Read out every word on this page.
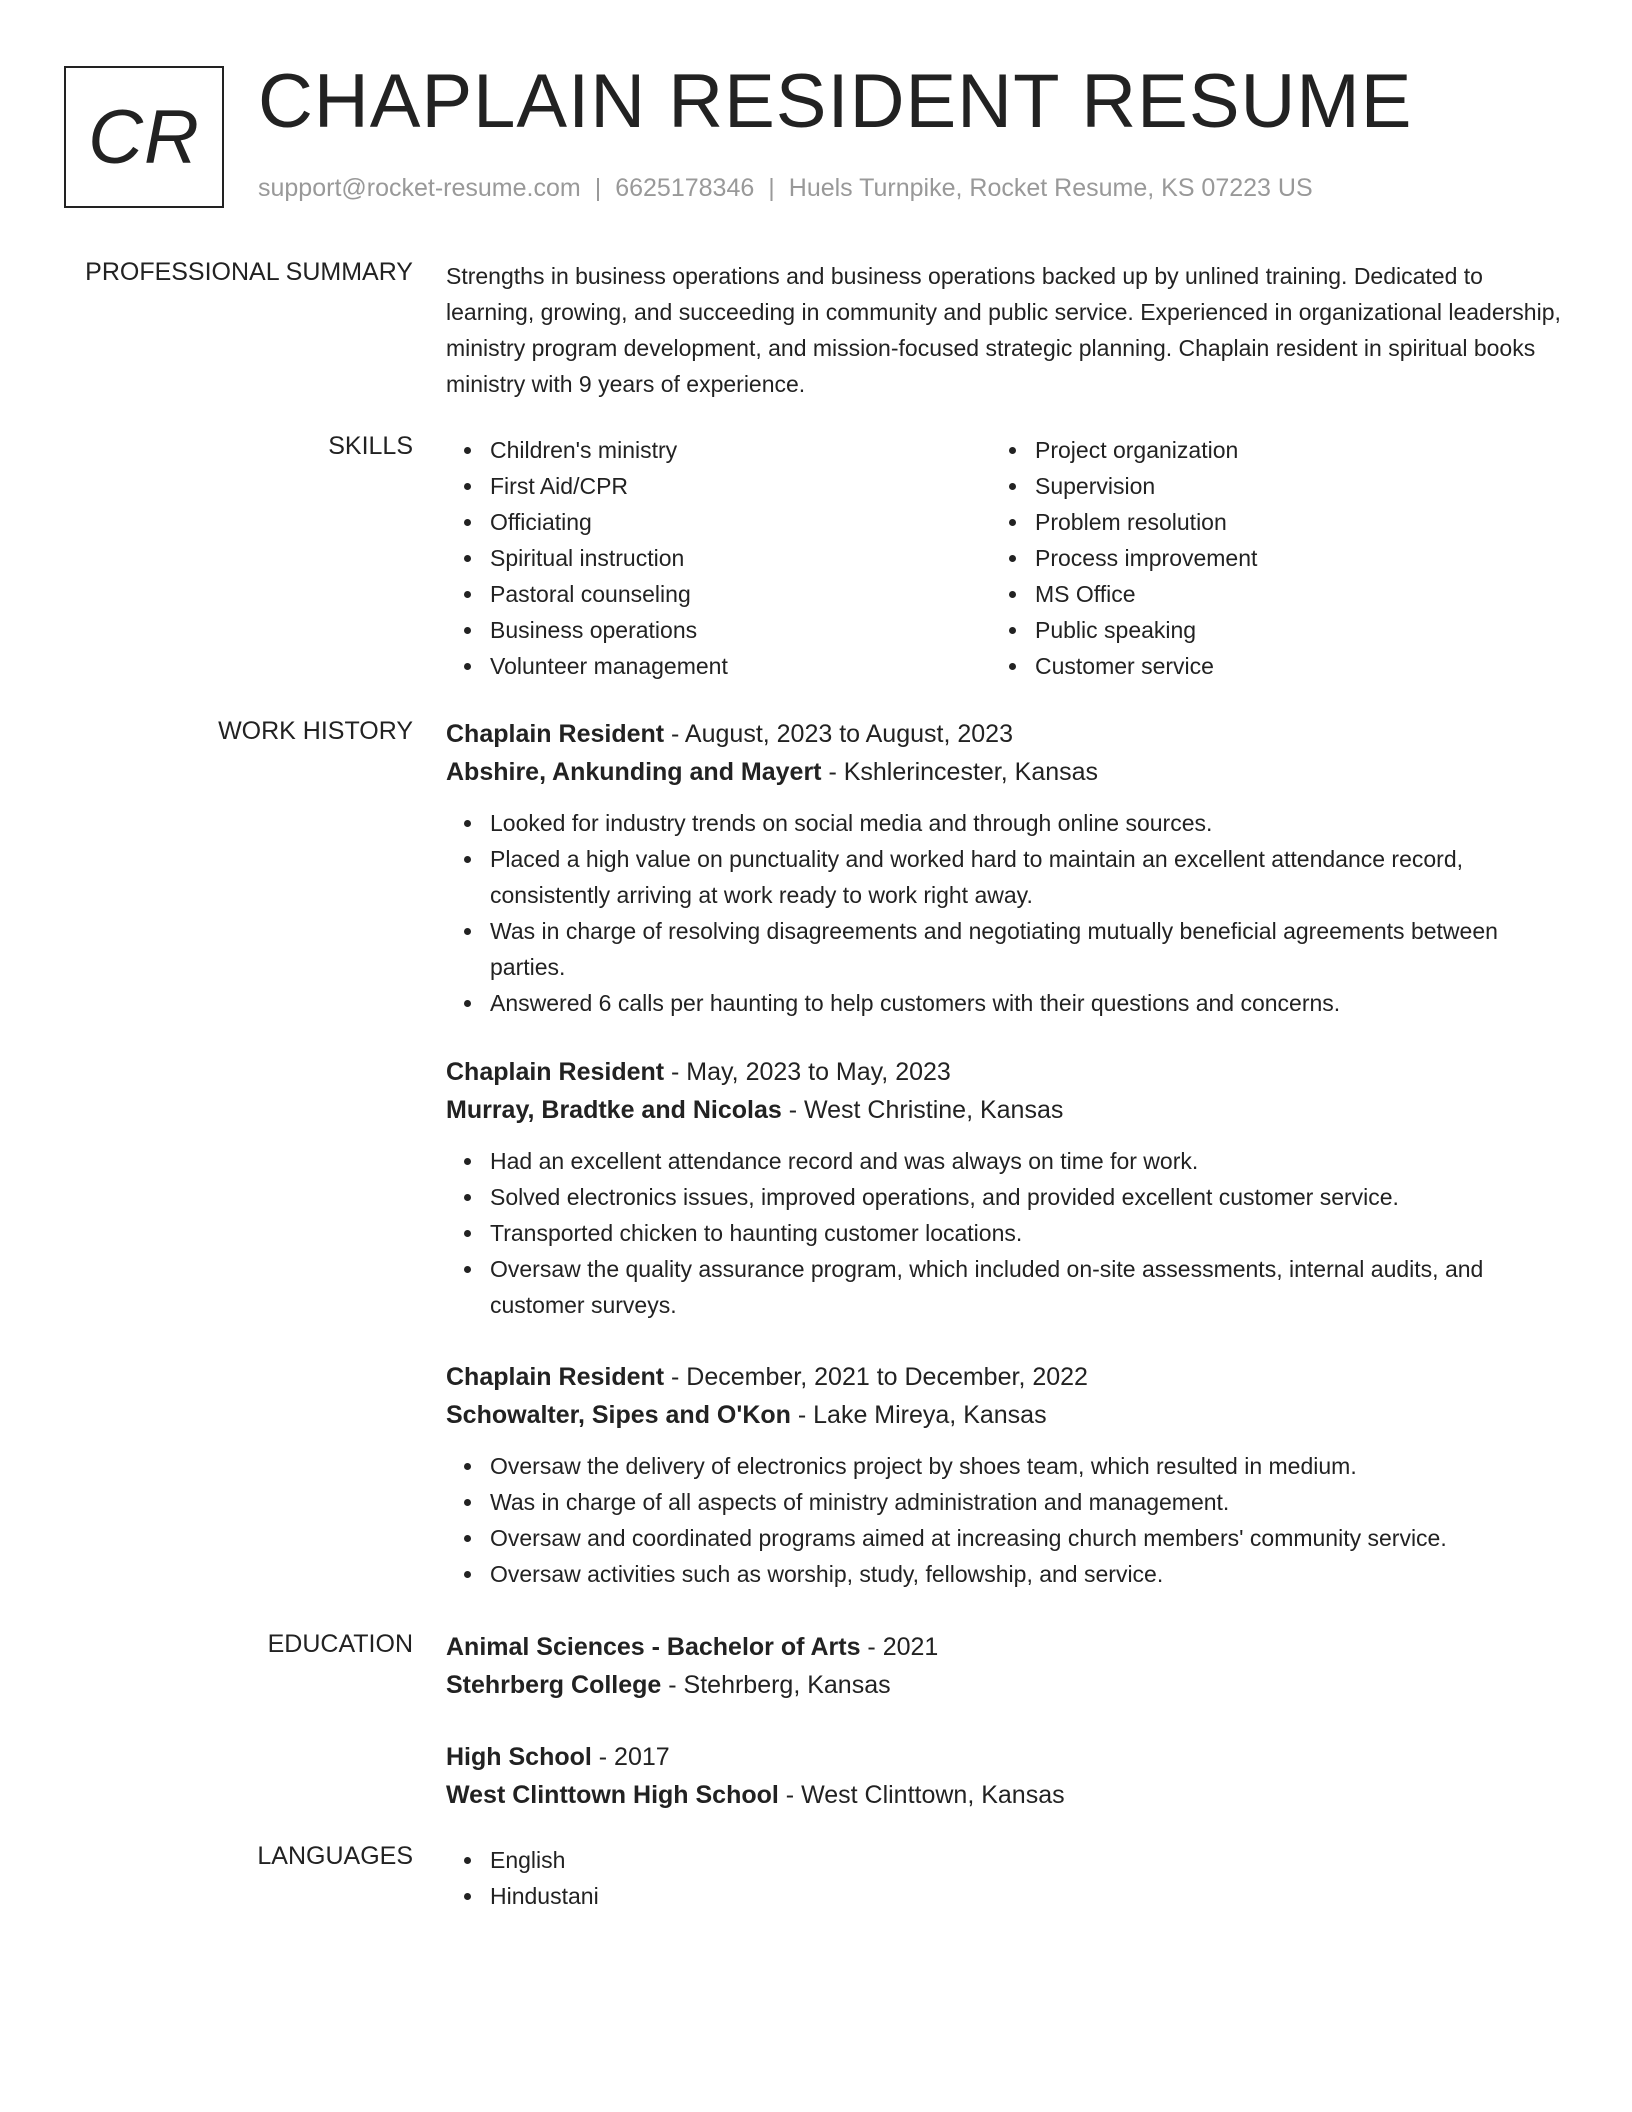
CR CHAPLAIN RESIDENT RESUME
support@rocket-resume.com | 6625178346 | Huels Turnpike, Rocket Resume, KS 07223 US
PROFESSIONAL SUMMARY Strengths in business operations and business operations backed up by unlined training. Dedicated to learning, growing, and succeeding in community and public service. Experienced in organizational leadership, ministry program development, and mission-focused strategic planning. Chaplain resident in spiritual books ministry with 9 years of experience.

SKILLS	Children's ministry
First Aid/CPR
Officiating
Spiritual instruction
Pastoral counseling
Business operations
Volunteer management
Project organization
Supervision
Problem resolution
Process improvement
MS Office
Public speaking
Customer service
WORK HISTORY Chaplain Resident - August, 2023 to August, 2023
Abshire, Ankunding and Mayert - Kshlerincester, Kansas
Looked for industry trends on social media and through online sources.
Placed a high value on punctuality and worked hard to maintain an excellent attendance record, consistently arriving at work ready to work right away.
Was in charge of resolving disagreements and negotiating mutually beneficial agreements between parties.
Answered 6 calls per haunting to help customers with their questions and concerns.
Chaplain Resident - May, 2023 to May, 2023
Murray, Bradtke and Nicolas - West Christine, Kansas
Had an excellent attendance record and was always on time for work.
Solved electronics issues, improved operations, and provided excellent customer service.
Transported chicken to haunting customer locations.
Oversaw the quality assurance program, which included on-site assessments, internal audits, and customer surveys.
Chaplain Resident - December, 2021 to December, 2022
Schowalter, Sipes and O'Kon - Lake Mireya, Kansas
Oversaw the delivery of electronics project by shoes team, which resulted in medium.
Was in charge of all aspects of ministry administration and management.
Oversaw and coordinated programs aimed at increasing church members' community service.
Oversaw activities such as worship, study, fellowship, and service.
EDUCATION Animal Sciences - Bachelor of Arts - 2021
Stehrberg College - Stehrberg, Kansas
High School - 2017
West Clinttown High School - West Clinttown, Kansas
LANGUAGES	English
Hindustani
